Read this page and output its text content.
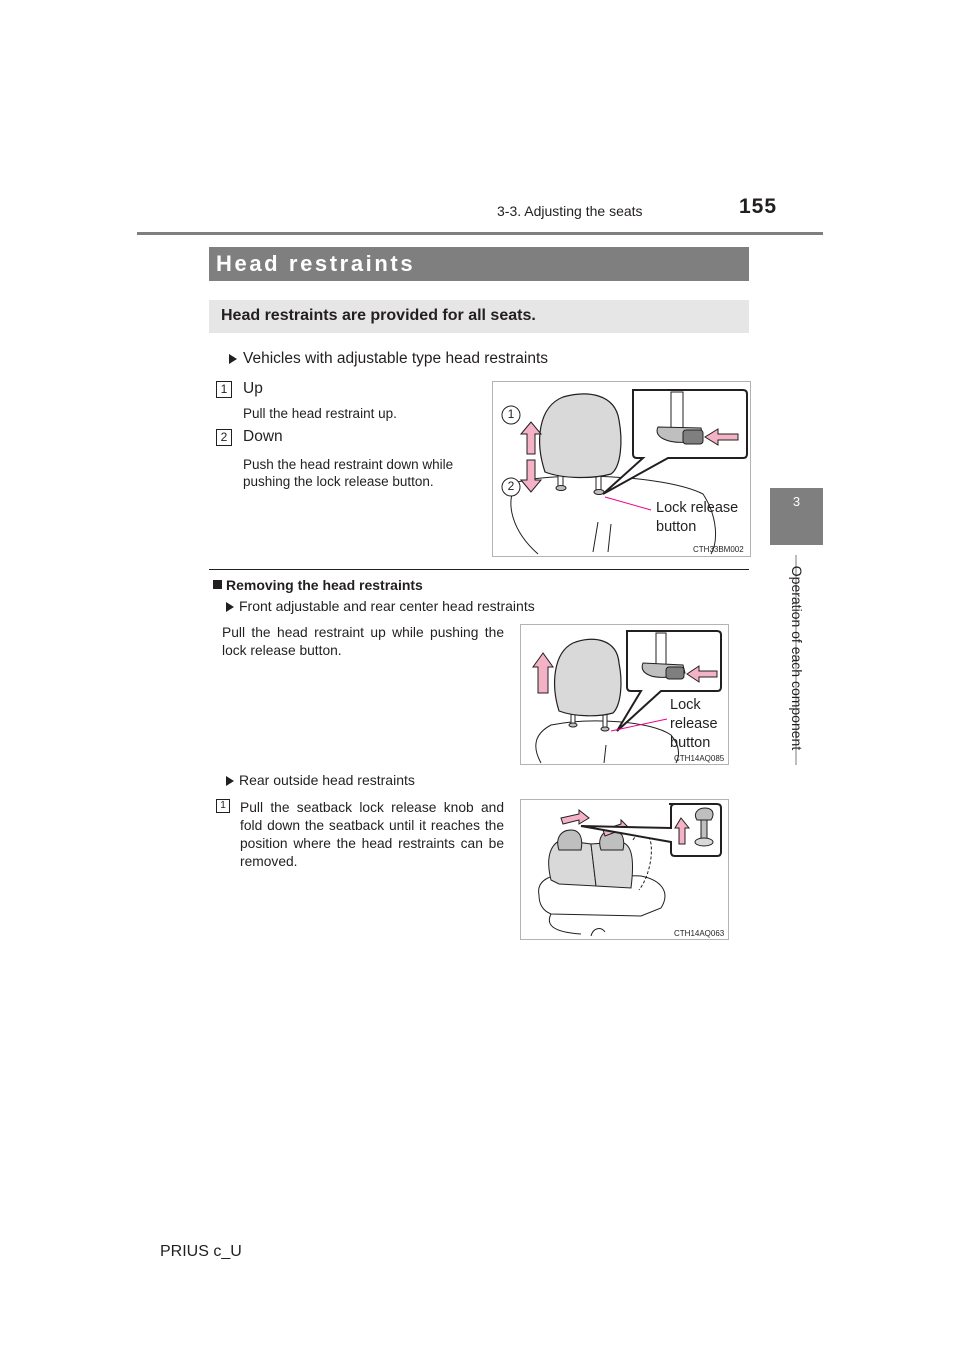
3-3. Adjusting the seats	155
3
Operation of each component
Head restraints
Head restraints are provided for all seats.
Vehicles with adjustable type head restraints
1	Up
Pull the head restraint up.
2	Down
Push the head restraint down while pushing the lock release button.
1
2
Lock release button
CTH33BM002
Removing the head restraints
Front adjustable and rear center head restraints
Pull the head restraint up while pushing the lock release button.
Lock release button
CTH14AQ085
Rear outside head restraints
1	Pull the seatback lock release knob and fold down the seatback until it reaches the position where the head restraints can be removed.
CTH14AQ063
PRIUS c_U
